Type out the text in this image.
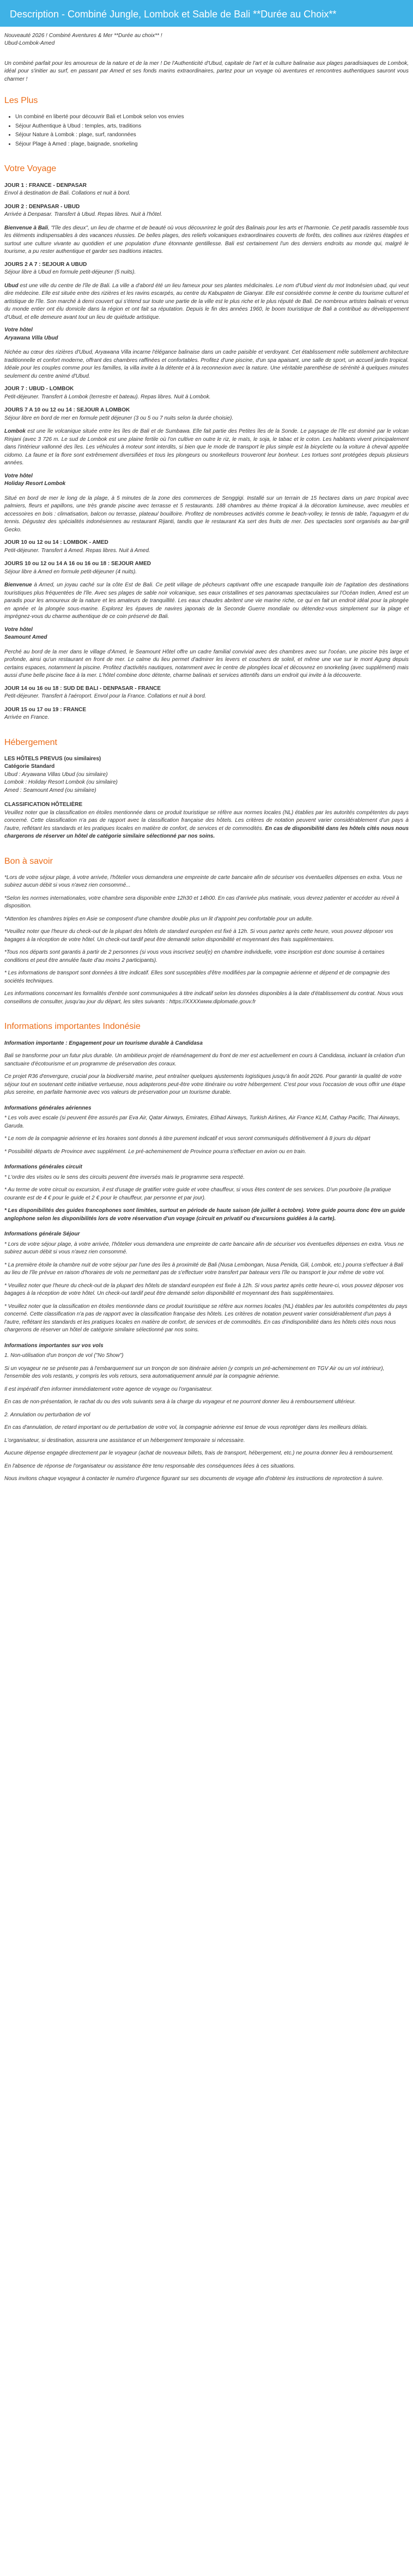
Description - Combiné Jungle, Lombok et Sable de Bali **Durée au Choix**
Nouveauté 2026 ! Combiné Aventures & Mer **Durée au choix** !
Ubud-Lombok-Amed

Un combiné parfait pour les amoureux de la nature et de la mer ! De l'Authenticité d'Ubud, capitale de l'art et la culture balinaise aux plages paradisiaques de Lombok, idéal pour s'initier au surf, en passant par Amed et ses fonds marins extraordinaires, partez pour un voyage où aventures et rencontres authentiques sauront vous charmer !

Les Plus
• Un combiné en liberté pour découvrir Bali et Lombok selon vos envies
• Séjour Authentique à Ubud : temples, arts, traditions
• Séjour Nature à Lombok : plage, surf, randonnées
• Séjour Plage à Amed : plage, baignade, snorkeling
Votre Voyage
JOUR 1 : FRANCE - DENPASAR
Envol à destination de Bali. Collations et nuit à bord.
JOUR 2 : DENPASAR - UBUD
Arrivée à Denpasar. Transfert à Ubud. Repas libres. Nuit à l'hôtel.

Bienvenue à Bali, "l'île des dieux", un lieu de charme et de beauté où vous découvrirez le goût des Balinais pour les arts et l'harmonie. Ce petit paradis rassemble tous les éléments indispensables à des vacances réussies. De belles plages, des reliefs volcaniques extraordinaires couverts de forêts, des collines aux rizières étagées et surtout une culture vivante au quotidien et une population d'une étonnante gentillesse. Bali est certainement l'un des derniers endroits au monde qui, malgré le tourisme, a pu rester authentique et garder ses traditions intactes.

JOURS 2 A 7 : SEJOUR A UBUD
Séjour libre à Ubud en formule petit-déjeuner (5 nuits).

Ubud est une ville du centre de l'île de Bali. La ville a d'abord été un lieu fameux pour ses plantes médicinales. Le nom d'Ubud vient du mot Indonésien ubad, qui veut dire médecine. Elle est située entre des rizières et les ravins escarpés, au centre du Kabupaten de Gianyar. Elle est considérée comme le centre du tourisme culturel et artistique de l'île. Son marché à demi couvert qui s'étend sur toute une partie de la ville est le plus riche et le plus réputé de Bali. De nombreux artistes balinais et venus du monde entier ont élu domicile dans la région et ont fait sa réputation. Depuis le fin des années 1960, le boom touristique de Bali a contribué au développement d'Ubud, et elle demeure avant tout un lieu de quiétude artistique.

Votre hôtel
Aryawana Villa Ubud

Nichée au cœur des rizières d'Ubud, Aryawana Villa incarne l'élégance balinaise dans un cadre paisible et verdoyant. Cet établissement mêle subtilement architecture traditionnelle et confort moderne, offrant des chambres raffinées et confortables. Profitez d'une piscine, d'un spa apaisant, une salle de sport, un accueil jardin tropical. Idéale pour les couples comme pour les familles, la villa invite à la détente et à la reconnexion avec la nature. Une véritable parenthèse de sérénité à quelques minutes seulement du centre animé d'Ubud.

JOUR 7 : UBUD - LOMBOK
Petit-déjeuner. Transfert à Lombok (terrestre et bateau). Repas libres. Nuit à Lombok.
JOURS 7 A 10 ou 12 ou 14 : SEJOUR A LOMBOK
Séjour libre en bord de mer en formule petit déjeuner (3 ou 5 ou 7 nuits selon la durée choisie).

Lombok est une île volcanique située entre les îles de Bali et de Sumbawa. Elle fait partie des Petites îles de la Sonde. Le paysage de l'île est dominé par le volcan Rinjani (avec 3 726 m. Le sud de Lombok est une plaine fertile où l'on cultive en outre le riz, le maïs, le soja, le tabac et le coton. Les habitants vivent principalement dans l'intérieur vallonné des îles. Les véhicules à moteur sont interdits, si bien que le mode de transport le plus simple est la bicyclette ou la voiture à cheval appelée cidomo. La faune et la flore sont extrêmement diversifiées et tous les plongeurs ou snorkelleurs trouveront leur bonheur. Les tortues sont protégées depuis plusieurs années.

Votre hôtel
Holiday Resort Lombok

Situé en bord de mer le long de la plage, à 5 minutes de la zone des commerces de Senggigi. Installé sur un terrain de 15 hectares dans un parc tropical avec palmiers, fleurs et papillons, une très grande piscine avec terrasse et 5 restaurants. 188 chambres au thème tropical à la décoration lumineuse, avec meubles et accessoires en bois : climatisation, balcon ou terrasse, plateau/ bouilloire. Profitez de nombreuses activités comme le beach-volley, le tennis de table, l'aquagym et du tennis. Dégustez des spécialités indonésiennes au restaurant Rijanti, tandis que le restaurant Ka sert des fruits de mer. Des spectacles sont organisés au bar-grill Gecko.

JOUR 10 ou 12 ou 14 : LOMBOK - AMED
Petit-déjeuner. Transfert à Amed. Repas libres. Nuit à Amed.
JOURS 10 ou 12 ou 14 A 16 ou 16 ou 18 : SEJOUR AMED
Séjour libre à Amed en formule petit-déjeuner (4 nuits).

Bienvenue à Amed, un joyau caché sur la côte Est de Bali. Ce petit village de pêcheurs captivant offre une escapade tranquille loin de l'agitation des destinations touristiques plus fréquentées de l'île. Avec ses plages de sable noir volcanique, ses eaux cristallines et ses panoramas spectaculaires sur l'Océan Indien, Amed est un paradis pour les amoureux de la nature et les amateurs de tranquillité. Les eaux chaudes abritent une vie marine riche, ce qui en fait un endroit idéal pour la plongée en apnée et la plongée sous-marine. Explorez les épaves de navires japonais de la Seconde Guerre mondiale ou détendez-vous simplement sur la plage et imprégnez-vous du charme authentique de ce coin préservé de Bali.

Votre hôtel
Seamount Amed

Perché au bord de la mer dans le village d'Amed, le Seamount Hôtel offre un cadre familial convivial avec des chambres avec sur l'océan, une piscine très large et profonde, ainsi qu'un restaurant en front de mer. Le calme du lieu permet d'admirer les levers et couchers de soleil, et même une vue sur le mont Agung depuis certains espaces, notamment la piscine. Profitez d'activités nautiques, notamment avec le centre de plongées local et découvrez en snorkeling (avec supplément) mais aussi d'une belle piscine face à la mer. L'hôtel combine donc détente, charme balinais et services attentifs dans un endroit qui invite à la découverte.

JOUR 14 ou 16 ou 18 : SUD DE BALI - DENPASAR - FRANCE
Petit-déjeuner. Transfert à l'aéroport. Envol pour la France. Collations et nuit à bord.
JOUR 15 ou 17 ou 19 : FRANCE
Arrivée en France.
Hébergement
LES HÔTELS PREVUS (ou similaires)
Catégorie Standard
Ubud : Aryawana Villas Ubud (ou similaire)
Lombok : Holiday Resort Lombok (ou similaire)
Amed : Seamount Amed (ou similaire)
CLASSIFICATION HÔTELIÈRE

Veuillez noter que la classification en étoiles mentionnée dans ce produit touristique se réfère aux normes locales (NL) établies par les autorités compétentes du pays concerné. Cette classification n'a pas de rapport avec la classification française des hôtels. Les critères de notation peuvent varier considérablement d'un pays à l'autre, reflétant les standards et les pratiques locales en matière de confort, de services et de commodités. En cas de disponibilité dans les hôtels cités nous nous chargerons de réserver un hôtel de catégorie similaire sélectionné par nos soins.

Bon à savoir

*Lors de votre séjour plage, à votre arrivée, l'hôtelier vous demandera une empreinte de carte bancaire afin de sécuriser vos éventuelles dépenses en extra. Vous ne subirez aucun débit si vous n'avez rien consommé...

*Selon les normes internationales, votre chambre sera disponible entre 12h30 et 14h00. En cas d'arrivée plus matinale, vous devrez patienter et accéder au réveil à disposition.

*Attention les chambres triples en Asie se composent d'une chambre double plus un lit d'appoint peu confortable pour un adulte.

*Veuillez noter que l'heure du check-out de la plupart des hôtels de standard européen est fixé à 12h. Si vous partez après cette heure, vous pouvez déposer vos bagages à la réception de votre hôtel. Un check-out tardif peut être demandé selon disponibilité et moyennant des frais supplémentaires.

*Tous nos départs sont garantis à partir de 2 personnes (si vous vous inscrivez seul(e) en chambre individuelle, votre inscription est donc soumise à certaines conditions et peut être annulée faute d'au moins 2 participants).

* Les informations de transport sont données à titre indicatif. Elles sont susceptibles d'être modifiées par la compagnie aérienne et dépend et de compagnie des sociétés techniques.

Les informations concernant les formalités d'entrée sont communiquées à titre indicatif selon les données disponibles à la date d'établissement du contrat. Nous vous conseillons de consulter, jusqu'au jour du départ, les sites suivants : https://XXXXwww.diplomatie.gouv.fr

Informations importantes Indonésie

Information importante : Engagement pour un tourisme durable à Candidasa

Bali se transforme pour un futur plus durable. Un ambitieux projet de réaménagement du front de mer est actuellement en cours à Candidasa, incluant la création d'un sanctuaire d'écotourisme et un programme de préservation des coraux.

Ce projet R36 d'envergure, crucial pour la biodiversité marine, peut entraîner quelques ajustements logistiques jusqu'à fin août 2026. Pour garantir la qualité de votre séjour tout en soutenant cette initiative vertueuse, nous adapterons peut-être votre itinéraire ou votre hébergement. C'est pour vous l'occasion de vous offrir une étape plus sereine, en parfaite harmonie avec vos valeurs de préservation pour un tourisme durable.

Informations générales aériennes

* Les vols avec escale (si peuvent être assurés par Eva Air, Qatar Airways, Emirates, Etihad Airways, Turkish Airlines, Air France KLM, Cathay Pacific, Thai Airways, Garuda.

* Le nom de la compagnie aérienne et les horaires sont donnés à titre purement indicatif et vous seront communiqués définitivement à 8 jours du départ

* Possibilité départs de Province avec supplément. Le pré-acheminement de Province pourra s'effectuer en avion ou en train.

Informations générales circuit

* L'ordre des visites ou le sens des circuits peuvent être inversés mais le programme sera respecté.

* Au terme de votre circuit ou excursion, il est d'usage de gratifier votre guide et votre chauffeur, si vous êtes content de ses services. D'un pourboire (la pratique courante est de 4 € pour le guide et 2 € pour le chauffeur, par personne et par jour).

* Les disponibilités des guides francophones sont limitées, surtout en période de haute saison (de juillet à octobre). Votre guide pourra donc être un guide anglophone selon les disponibilités lors de votre réservation d'un voyage (circuit en privatif ou d'excursions guidées à la carte).

Informations générale Séjour

* Lors de votre séjour plage, à votre arrivée, l'hôtelier vous demandera une empreinte de carte bancaire afin de sécuriser vos éventuelles dépenses en extra. Vous ne subirez aucun débit si vous n'avez rien consommé.

* La première étoile la chambre nuit de votre séjour par l'une des îles à proximité de Bali (Nusa Lembongan, Nusa Penida, Gili, Lombok, etc.) pourra s'effectuer à Bali au lieu de l'île prévue en raison d'horaires de vols ne permettant pas de s'effectuer votre transfert par bateaux vers l'île ou transport le jour même de votre vol.

* Veuillez noter que l'heure du check-out de la plupart des hôtels de standard européen est fixée à 12h. Si vous partez après cette heure-ci, vous pouvez déposer vos bagages à la réception de votre hôtel. Un check-out tardif peut être demandé selon disponibilité et moyennant des frais supplémentaires.

* Veuillez noter que la classification en étoiles mentionnée dans ce produit touristique se réfère aux normes locales (NL) établies par les autorités compétentes du pays concerné. Cette classification n'a pas de rapport avec la classification française des hôtels. Les critères de notation peuvent varier considérablement d'un pays à l'autre, reflétant les standards et les pratiques locales en matière de confort, de services et de commodités. En cas d'indisponibilité dans les hôtels cités nous nous chargerons de réserver un hôtel de catégorie similaire sélectionné par nos soins.

Informations importantes sur vos vols

1. Non-utilisation d'un tronçon de vol ("No Show")

Si un voyageur ne se présente pas à l'embarquement sur un tronçon de son itinéraire aérien (y compris un pré-acheminement en TGV Air ou un vol intérieur), l'ensemble des vols restants, y compris les vols retours, sera automatiquement annulé par la compagnie aérienne.

Il est impératif d'en informer immédiatement votre agence de voyage ou l'organisateur.

En cas de non-présentation, le rachat du ou des vols suivants sera à la charge du voyageur et ne pourront donner lieu à remboursement ultérieur.

2. Annulation ou perturbation de vol

En cas d'annulation, de retard important ou de perturbation de votre vol, la compagnie aérienne est tenue de vous reprotéger dans les meilleurs délais.

L'organisateur, si destination, assurera une assistance et un hébergement temporaire si nécessaire.

Aucune dépense engagée directement par le voyageur (achat de nouveaux billets, frais de transport, hébergement, etc.) ne pourra donner lieu à remboursement.

En l'absence de réponse de l'organisateur ou assistance être tenu responsable des conséquences liées à ces situations.

Nous invitons chaque voyageur à contacter le numéro d'urgence figurant sur ses documents de voyage afin d'obtenir les instructions de reprotection à suivre.
